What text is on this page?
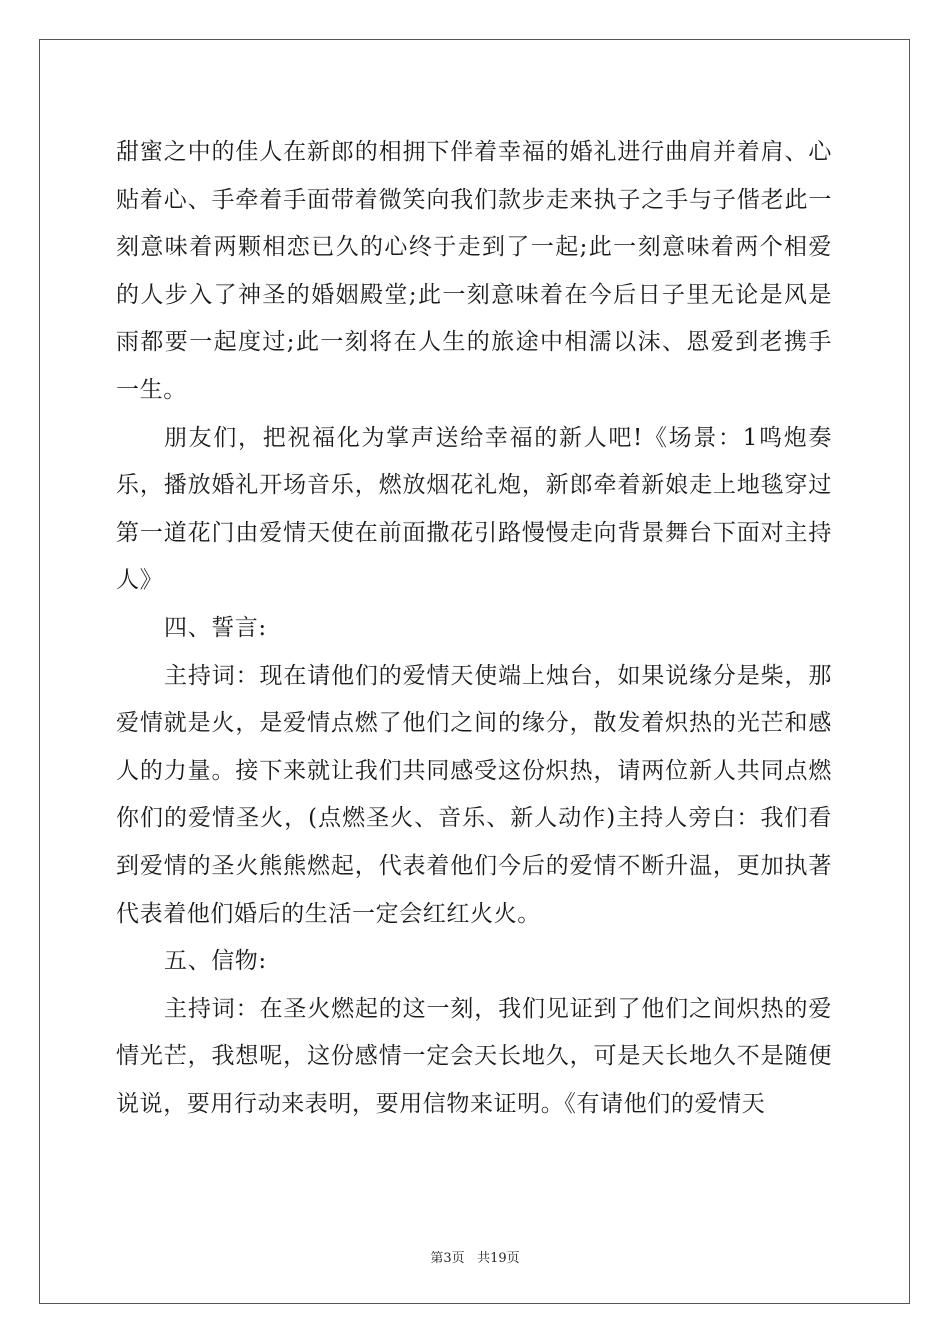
甜蜜之中的佳人在新郎的相拥下伴着幸福的婚礼进行曲肩并着肩、心贴着心、手牵着手面带着微笑向我们款步走来执子之手与子偕老此一刻意味着两颗相恋已久的心终于走到了一起;此一刻意味着两个相爱的人步入了神圣的婚姻殿堂;此一刻意味着在今后日子里无论是风是雨都要一起度过;此一刻将在人生的旅途中相濡以沫、恩爱到老携手一生。

朋友们，把祝福化为掌声送给幸福的新人吧!《场景：1鸣炮奏乐，播放婚礼开场音乐，燃放烟花礼炮，新郎牵着新娘走上地毯穿过第一道花门由爱情天使在前面撒花引路慢慢走向背景舞台下面对主持人》

四、誓言:

主持词：现在请他们的爱情天使端上烛台，如果说缘分是柴，那爱情就是火，是爱情点燃了他们之间的缘分，散发着炽热的光芒和感人的力量。接下来就让我们共同感受这份炽热，请两位新人共同点燃你们的爱情圣火，(点燃圣火、音乐、新人动作)主持人旁白：我们看到爱情的圣火熊熊燃起，代表着他们今后的爱情不断升温，更加执著代表着他们婚后的生活一定会红红火火。

五、信物:

主持词：在圣火燃起的这一刻，我们见证到了他们之间炽热的爱情光芒，我想呢，这份感情一定会天长地久，可是天长地久不是随便说说，要用行动来表明，要用信物来证明。《有请他们的爱情天

第3页 共19页
